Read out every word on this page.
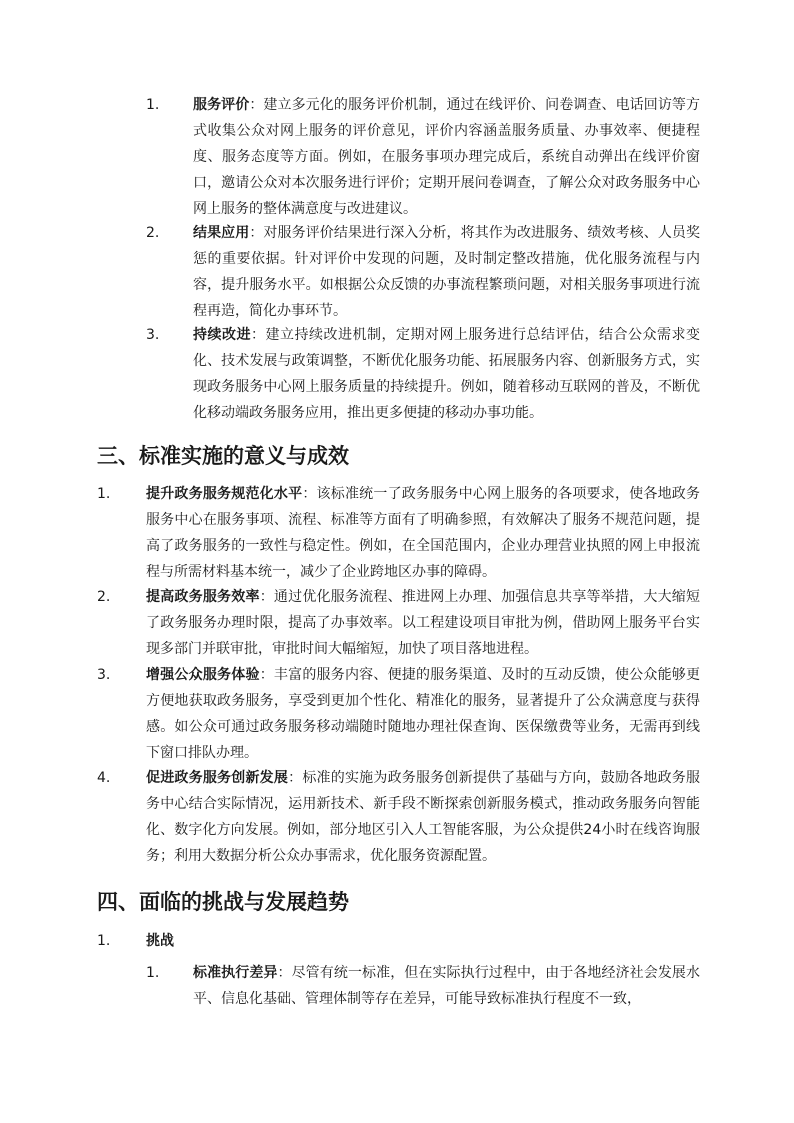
1. 服务评价：建立多元化的服务评价机制，通过在线评价、问卷调查、电话回访等方式收集公众对网上服务的评价意见，评价内容涵盖服务质量、办事效率、便捷程度、服务态度等方面。例如，在服务事项办理完成后，系统自动弹出在线评价窗口，邀请公众对本次服务进行评价；定期开展问卷调查，了解公众对政务服务中心网上服务的整体满意度与改进建议。
2. 结果应用：对服务评价结果进行深入分析，将其作为改进服务、绩效考核、人员奖惩的重要依据。针对评价中发现的问题，及时制定整改措施，优化服务流程与内容，提升服务水平。如根据公众反馈的办事流程繁琐问题，对相关服务事项进行流程再造，简化办事环节。
3. 持续改进：建立持续改进机制，定期对网上服务进行总结评估，结合公众需求变化、技术发展与政策调整，不断优化服务功能、拓展服务内容、创新服务方式，实现政务服务中心网上服务质量的持续提升。例如，随着移动互联网的普及，不断优化移动端政务服务应用，推出更多便捷的移动办事功能。
三、标准实施的意义与成效
1.	提升政务服务规范化水平：该标准统一了政务服务中心网上服务的各项要求，使各地政务服务中心在服务事项、流程、标准等方面有了明确参照，有效解决了服务不规范问题，提高了政务服务的一致性与稳定性。例如，在全国范围内，企业办理营业执照的网上申报流程与所需材料基本统一，减少了企业跨地区办事的障碍。
2.	提高政务服务效率：通过优化服务流程、推进网上办理、加强信息共享等举措，大大缩短了政务服务办理时限，提高了办事效率。以工程建设项目审批为例，借助网上服务平台实现多部门并联审批，审批时间大幅缩短，加快了项目落地进程。
3.	增强公众服务体验：丰富的服务内容、便捷的服务渠道、及时的互动反馈，使公众能够更方便地获取政务服务，享受到更加个性化、精准化的服务，显著提升了公众满意度与获得感。如公众可通过政务服务移动端随时随地办理社保查询、医保缴费等业务，无需再到线下窗口排队办理。
4.	促进政务服务创新发展：标准的实施为政务服务创新提供了基础与方向，鼓励各地政务服务中心结合实际情况，运用新技术、新手段不断探索创新服务模式，推动政务服务向智能化、数字化方向发展。例如，部分地区引入人工智能客服，为公众提供24小时在线咨询服务；利用大数据分析公众办事需求，优化服务资源配置。
四、面临的挑战与发展趋势
1.	挑战
1. 标准执行差异：尽管有统一标准，但在实际执行过程中，由于各地经济社会发展水平、信息化基础、管理体制等存在差异，可能导致标准执行程度不一致，
